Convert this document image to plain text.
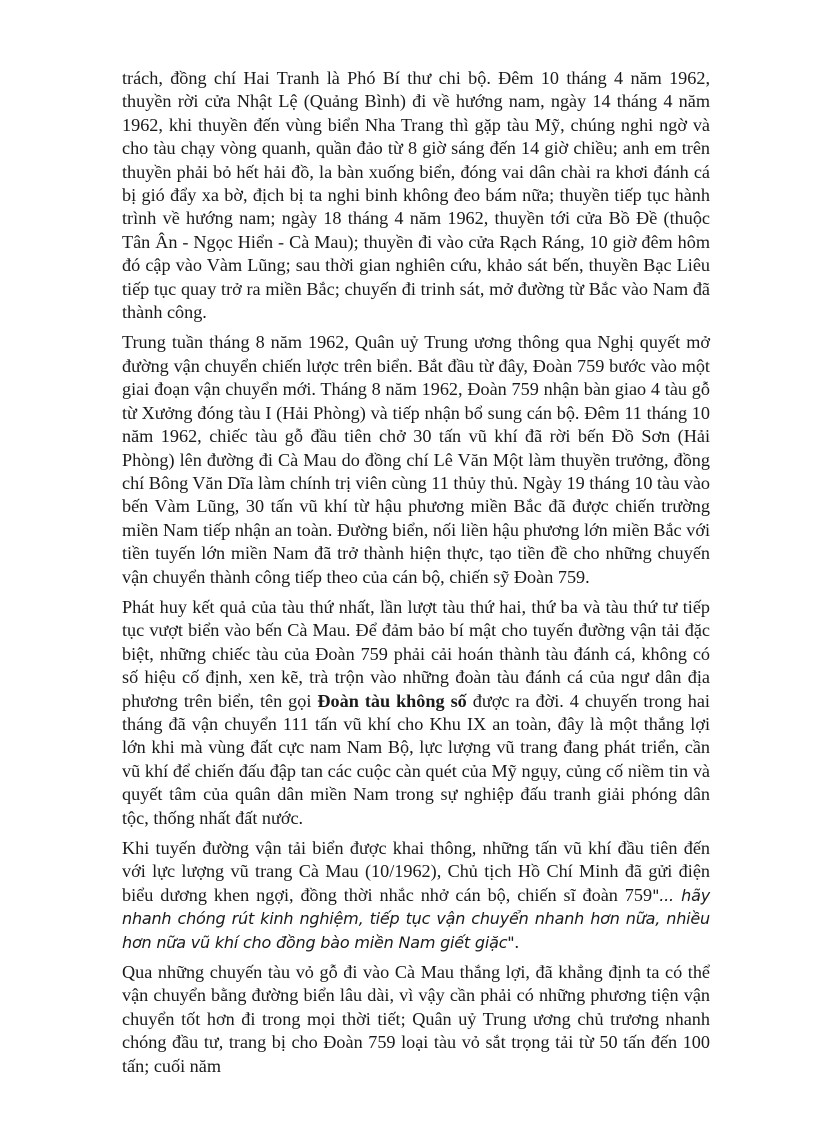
trách, đồng chí Hai Tranh là Phó Bí thư chi bộ. Đêm 10 tháng 4 năm 1962, thuyền rời cửa Nhật Lệ (Quảng Bình) đi về hướng nam, ngày 14 tháng 4 năm 1962, khi thuyền đến vùng biển Nha Trang thì gặp tàu Mỹ, chúng nghi ngờ và cho tàu chạy vòng quanh, quần đảo từ 8 giờ sáng đến 14 giờ chiều; anh em trên thuyền phải bỏ hết hải đồ, la bàn xuống biển, đóng vai dân chài ra khơi đánh cá bị gió đẩy xa bờ, địch bị ta nghi binh không đeo bám nữa; thuyền tiếp tục hành trình về hướng nam; ngày 18 tháng 4 năm 1962, thuyền tới cửa Bồ Đề (thuộc Tân Ân - Ngọc Hiển - Cà Mau); thuyền đi vào cửa Rạch Ráng, 10 giờ đêm hôm đó cập vào Vàm Lũng; sau thời gian nghiên cứu, khảo sát bến, thuyền Bạc Liêu tiếp tục quay trở ra miền Bắc; chuyến đi trinh sát, mở đường từ Bắc vào Nam đã thành công.

Trung tuần tháng 8 năm 1962, Quân uỷ Trung ương thông qua Nghị quyết mở đường vận chuyển chiến lược trên biển. Bắt đầu từ đây, Đoàn 759 bước vào một giai đoạn vận chuyển mới. Tháng 8 năm 1962, Đoàn 759 nhận bàn giao 4 tàu gỗ từ Xưởng đóng tàu I (Hải Phòng) và tiếp nhận bổ sung cán bộ. Đêm 11 tháng 10 năm 1962, chiếc tàu gỗ đầu tiên chở 30 tấn vũ khí đã rời bến Đồ Sơn (Hải Phòng) lên đường đi Cà Mau do đồng chí Lê Văn Một làm thuyền trưởng, đồng chí Bông Văn Dĩa làm chính trị viên cùng 11 thủy thủ. Ngày 19 tháng 10 tàu vào bến Vàm Lũng, 30 tấn vũ khí từ hậu phương miền Bắc đã được chiến trường miền Nam tiếp nhận an toàn. Đường biển, nối liền hậu phương lớn miền Bắc với tiền tuyến lớn miền Nam đã trở thành hiện thực, tạo tiền đề cho những chuyến vận chuyển thành công tiếp theo của cán bộ, chiến sỹ Đoàn 759.

Phát huy kết quả của tàu thứ nhất, lần lượt tàu thứ hai, thứ ba và tàu thứ tư tiếp tục vượt biển vào bến Cà Mau. Để đảm bảo bí mật cho tuyến đường vận tải đặc biệt, những chiếc tàu của Đoàn 759 phải cải hoán thành tàu đánh cá, không có số hiệu cố định, xen kẽ, trà trộn vào những đoàn tàu đánh cá của ngư dân địa phương trên biển, tên gọi Đoàn tàu không số được ra đời. 4 chuyến trong hai tháng đã vận chuyển 111 tấn vũ khí cho Khu IX an toàn, đây là một thắng lợi lớn khi mà vùng đất cực nam Nam Bộ, lực lượng vũ trang đang phát triển, cần vũ khí để chiến đấu đập tan các cuộc càn quét của Mỹ ngụy, củng cố niềm tin và quyết tâm của quân dân miền Nam trong sự nghiệp đấu tranh giải phóng dân tộc, thống nhất đất nước.

Khi tuyến đường vận tải biển được khai thông, những tấn vũ khí đầu tiên đến với lực lượng vũ trang Cà Mau (10/1962), Chủ tịch Hồ Chí Minh đã gửi điện biểu dương khen ngợi, đồng thời nhắc nhở cán bộ, chiến sĩ đoàn 759"... hãy nhanh chóng rút kinh nghiệm, tiếp tục vận chuyển nhanh hơn nữa, nhiều hơn nữa vũ khí cho đồng bào miền Nam giết giặc".

Qua những chuyến tàu vỏ gỗ đi vào Cà Mau thắng lợi, đã khẳng định ta có thể vận chuyển bằng đường biển lâu dài, vì vậy cần phải có những phương tiện vận chuyển tốt hơn đi trong mọi thời tiết; Quân uỷ Trung ương chủ trương nhanh chóng đầu tư, trang bị cho Đoàn 759 loại tàu vỏ sắt trọng tải từ 50 tấn đến 100 tấn; cuối năm
